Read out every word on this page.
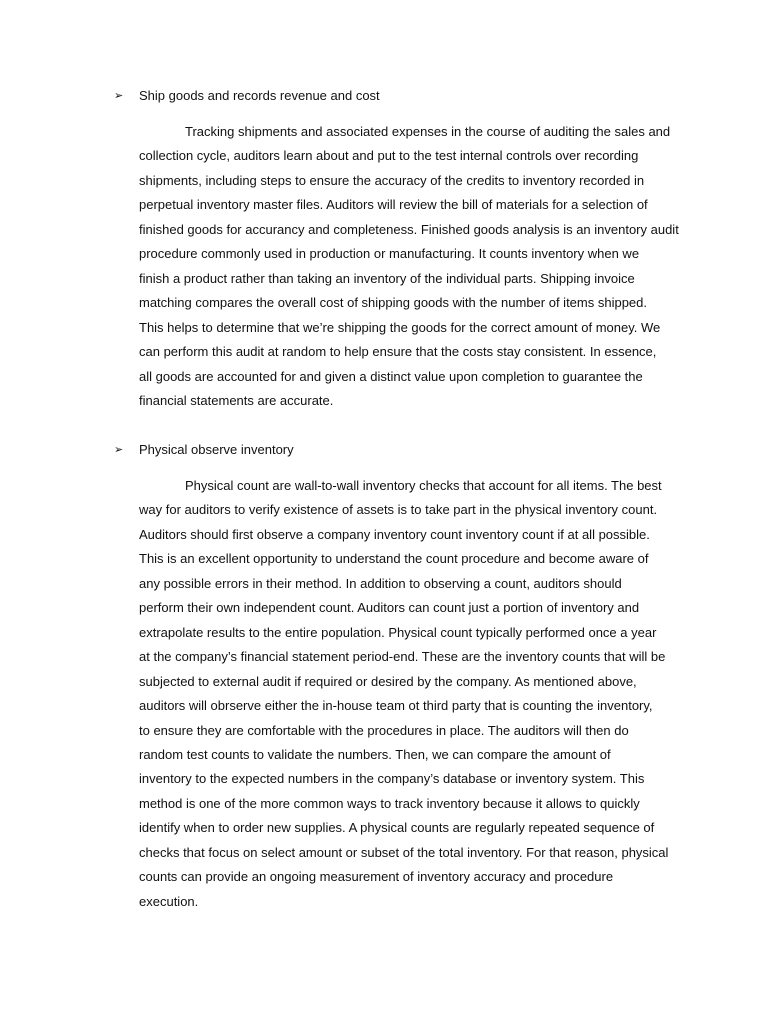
➢	Ship goods and records revenue and cost
Tracking shipments and associated expenses in the course of auditing the sales and
collection cycle, auditors learn about and put to the test internal controls over recording
shipments, including steps to ensure the accuracy of the credits to inventory recorded in
perpetual inventory master files. Auditors will review the bill of materials for a selection of
finished goods for accurancy and completeness. Finished goods analysis is an inventory audit
procedure commonly used in production or manufacturing. It counts inventory when we
finish a product rather than taking an inventory of the individual parts. Shipping invoice
matching compares the overall cost of shipping goods with the number of items shipped.
This helps to determine that we’re shipping the goods for the correct amount of money. We
can perform this audit at random to help ensure that the costs stay consistent. In essence,
all goods are accounted for and given a distinct value upon completion to guarantee the
financial statements are accurate.
➢	Physical observe inventory
Physical count are wall-to-wall inventory checks that account for all items. The best
way for auditors to verify existence of assets is to take part in the physical inventory count.
Auditors should first observe a company inventory count inventory count if at all possible.
This is an excellent opportunity to understand the count procedure and become aware of
any possible errors in their method. In addition to observing a count, auditors should
perform their own independent count. Auditors can count just a portion of inventory and
extrapolate results to the entire population. Physical count typically performed once a year
at the company’s financial statement period-end. These are the inventory counts that will be
subjected to external audit if required or desired by the company. As mentioned above,
auditors will obrserve either the in-house team ot third party that is counting the inventory,
to ensure they are comfortable with the procedures in place. The auditors will then do
random test counts to validate the numbers. Then, we can compare the amount of
inventory to the expected numbers in the company’s database or inventory system. This
method is one of the more common ways to track inventory because it allows to quickly
identify when to order new supplies. A physical counts are regularly repeated sequence of
checks that focus on select amount or subset of the total inventory. For that reason, physical
counts can provide an ongoing measurement of inventory accuracy and procedure
execution.
